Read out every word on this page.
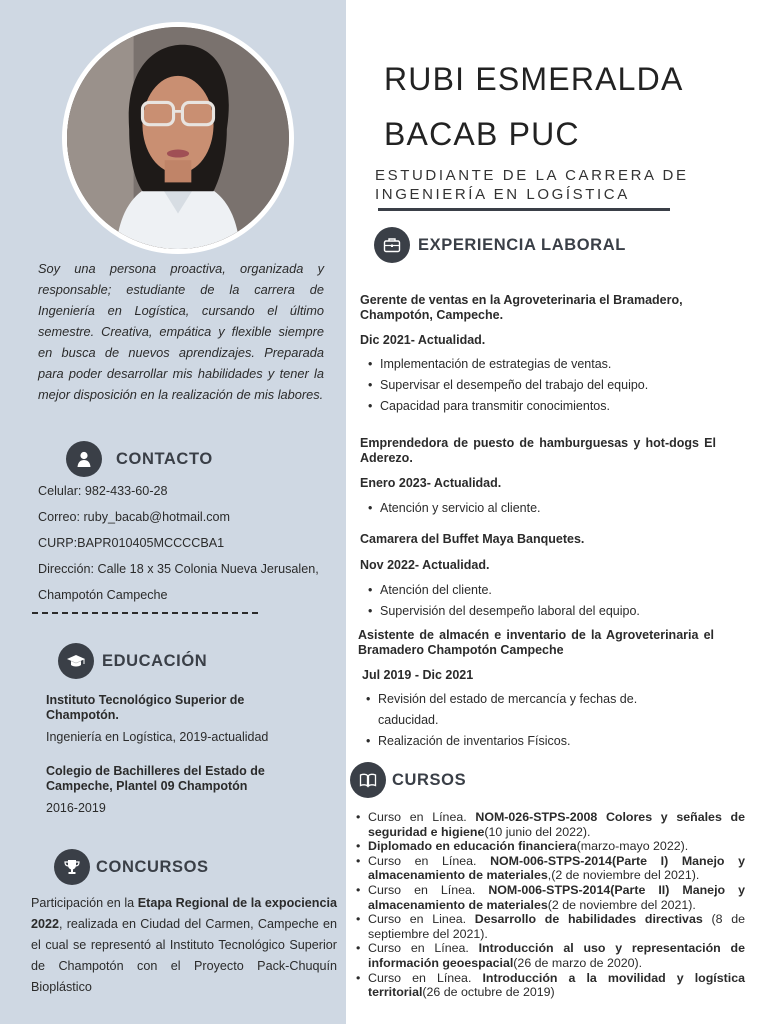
Soy una persona proactiva, organizada y responsable; estudiante de la carrera de Ingeniería en Logística, cursando el último semestre. Creativa, empática y flexible siempre en busca de nuevos aprendizajes. Preparada para poder desarrollar mis habilidades y tener la mejor disposición en la realización de mis labores.

CONTACTO
Celular: 982-433-60-28
Correo: ruby_bacab@hotmail.com
CURP:BAPR010405MCCCCBA1
Dirección: Calle 18 x 35 Colonia Nueva Jerusalen,
Champotón Campeche
EDUCACIÓN
Instituto Tecnológico Superior de Champotón.
Ingeniería en Logística, 2019-actualidad
Colegio de Bachilleres del Estado de Campeche, Plantel 09 Champotón
2016-2019
CONCURSOS

Participación en la Etapa Regional de la expociencia 2022, realizada en Ciudad del Carmen, Campeche en el cual se representó al Instituto Tecnológico Superior de Champotón con el Proyecto Pack-Chuquín Bioplástico

RUBI ESMERALDA
BACAB PUC
ESTUDIANTE DE LA CARRERA DE
INGENIERÍA EN LOGÍSTICA
EXPERIENCIA LABORAL
Gerente de ventas en la Agroveterinaria el Bramadero, Champotón, Campeche.
Dic 2021- Actualidad.
• Implementación de estrategias de ventas.
• Supervisar el desempeño del trabajo del equipo.
• Capacidad para transmitir conocimientos.
Emprendedora de puesto de hamburguesas y hot-dogs El Aderezo.
Enero 2023- Actualidad.
• Atención y servicio al cliente.
Camarera del Buffet Maya Banquetes.
Nov 2022- Actualidad.
• Atención del cliente.
• Supervisión del desempeño laboral del equipo.
Asistente de almacén e inventario de la Agroveterinaria el Bramadero Champotón Campeche
Jul 2019 - Dic 2021
• Revisión del estado de mercancía y fechas de. caducidad.
• Realización de inventarios Físicos.
CURSOS
• Curso en Línea. NOM-026-STPS-2008 Colores y señales de seguridad e higiene(10 junio del 2022).
• Diplomado en educación financiera(marzo-mayo 2022).
• Curso en Línea. NOM-006-STPS-2014(Parte I) Manejo y almacenamiento de materiales,(2 de noviembre del 2021).
• Curso en Línea. NOM-006-STPS-2014(Parte II) Manejo y almacenamiento de materiales(2 de noviembre del 2021).
• Curso en Linea. Desarrollo de habilidades directivas (8 de septiembre del 2021).
• Curso en Línea. Introducción al uso y representación de información geoespacial(26 de marzo de 2020).
• Curso en Línea. Introducción a la movilidad y logística territorial(26 de octubre de 2019)
